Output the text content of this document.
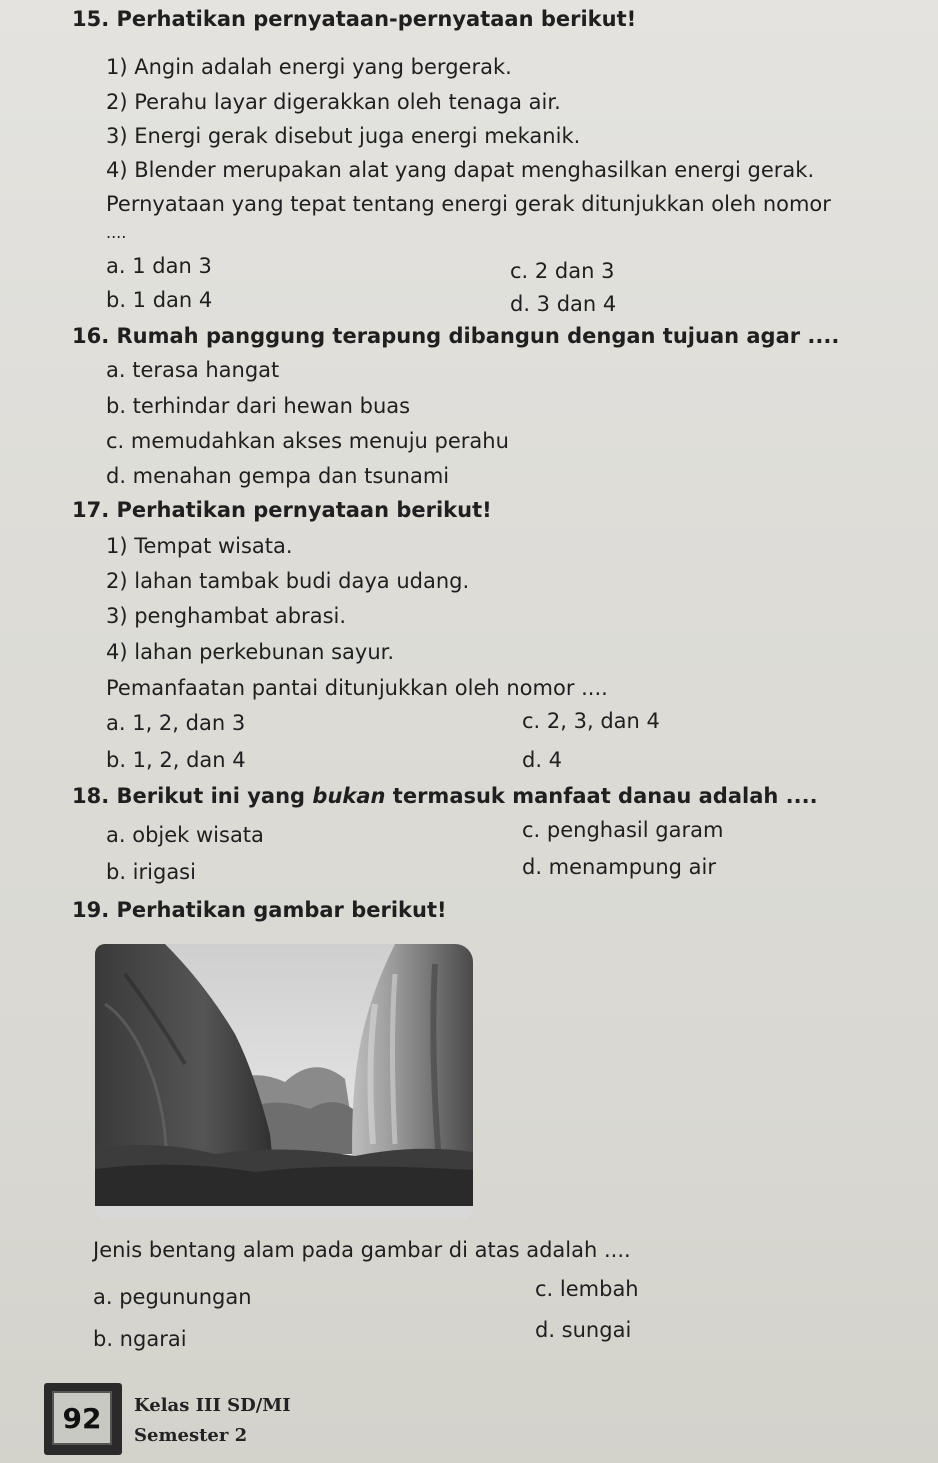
15. Perhatikan pernyataan-pernyataan berikut!
1) Angin adalah energi yang bergerak.
2) Perahu layar digerakkan oleh tenaga air.
3) Energi gerak disebut juga energi mekanik.
4) Blender merupakan alat yang dapat menghasilkan energi gerak.
Pernyataan yang tepat tentang energi gerak ditunjukkan oleh nomor
....
a. 1 dan 3	c. 2 dan 3
b. 1 dan 4	d. 3 dan 4
16. Rumah panggung terapung dibangun dengan tujuan agar ....
a. terasa hangat
b. terhindar dari hewan buas
c. memudahkan akses menuju perahu
d. menahan gempa dan tsunami
17. Perhatikan pernyataan berikut!
1) Tempat wisata.
2) lahan tambak budi daya udang.
3) penghambat abrasi.
4) lahan perkebunan sayur.
Pemanfaatan pantai ditunjukkan oleh nomor ....
a. 1, 2, dan 3	c. 2, 3, dan 4
b. 1, 2, dan 4	d. 4
18. Berikut ini yang bukan termasuk manfaat danau adalah ....
a. objek wisata	c. penghasil garam
b. irigasi	d. menampung air
19. Perhatikan gambar berikut!
Jenis bentang alam pada gambar di atas adalah ....
a. pegunungan	c. lembah
b. ngarai	d. sungai
92	Kelas III SD/MI
Semester 2
